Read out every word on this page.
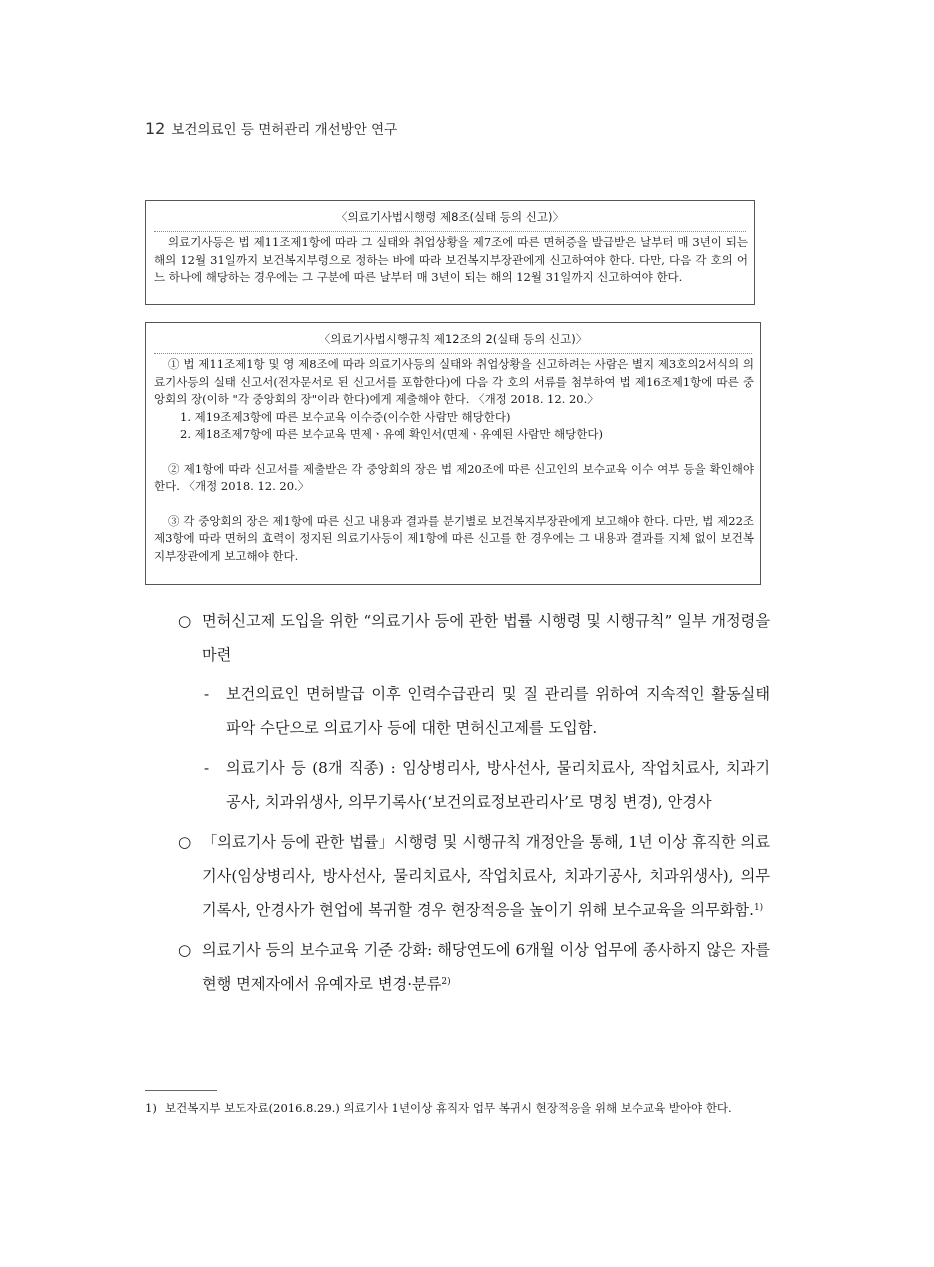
12 보건의료인 등 면허관리 개선방안 연구
〈의료기사법시행령 제8조(실태 등의 신고)〉

의료기사등은 법 제11조제1항에 따라 그 실태와 취업상황을 제7조에 따른 면허증을 발급받은 날부터 매 3년이 되는 해의 12월 31일까지 보건복지부령으로 정하는 바에 따라 보건복지부장관에게 신고하여야 한다. 다만, 다음 각 호의 어느 하나에 해당하는 경우에는 그 구분에 따른 날부터 매 3년이 되는 해의 12월 31일까지 신고하여야 한다.

〈의료기사법시행규칙 제12조의 2(실태 등의 신고)〉

① 법 제11조제1항 및 영 제8조에 따라 의료기사등의 실태와 취업상황을 신고하려는 사람은 별지 제3호의2서식의 의료기사등의 실태 신고서(전자문서로 된 신고서를 포함한다)에 다음 각 호의 서류를 첨부하여 법 제16조제1항에 따른 중앙회의 장(이하 "각 중앙회의 장"이라 한다)에게 제출해야 한다. 〈개정 2018. 12. 20.〉

1. 제19조제3항에 따른 보수교육 이수증(이수한 사람만 해당한다)

2. 제18조제7항에 따른 보수교육 면제ㆍ유예 확인서(면제ㆍ유예된 사람만 해당한다)

② 제1항에 따라 신고서를 제출받은 각 중앙회의 장은 법 제20조에 따른 신고인의 보수교육 이수 여부 등을 확인해야 한다. 〈개정 2018. 12. 20.〉

③ 각 중앙회의 장은 제1항에 따른 신고 내용과 결과를 분기별로 보건복지부장관에게 보고해야 한다. 다만, 법 제22조제3항에 따라 면허의 효력이 정지된 의료기사등이 제1항에 따른 신고를 한 경우에는 그 내용과 결과를 지체 없이 보건복지부장관에게 보고해야 한다.

○ 면허신고제 도입을 위한 “의료기사 등에 관한 법률 시행령 및 시행규칙” 일부 개정령을 마련
-	보건의료인 면허발급 이후 인력수급관리 및 질 관리를 위하여 지속적인 활동실태 파악 수단으로 의료기사 등에 대한 면허신고제를 도입함.
-	의료기사 등 (8개 직종) : 임상병리사, 방사선사, 물리치료사, 작업치료사, 치과기공사, 치과위생사, 의무기록사(‘보건의료정보관리사’로 명칭 변경), 안경사
○ 「의료기사 등에 관한 법률」시행령 및 시행규칙 개정안을 통해, 1년 이상 휴직한 의료기사(임상병리사, 방사선사, 물리치료사, 작업치료사, 치과기공사, 치과위생사), 의무기록사, 안경사가 현업에 복귀할 경우 현장적응을 높이기 위해 보수교육을 의무화함.$^{1)}$
○ 의료기사 등의 보수교육 기준 강화: 해당연도에 6개월 이상 업무에 종사하지 않은 자를 현행 면제자에서 유예자로 변경·분류$^{2)}$
1) 보건복지부 보도자료(2016.8.29.) 의료기사 1년이상 휴직자 업무 복귀시 현장적응을 위해 보수교육 받아야 한다.
